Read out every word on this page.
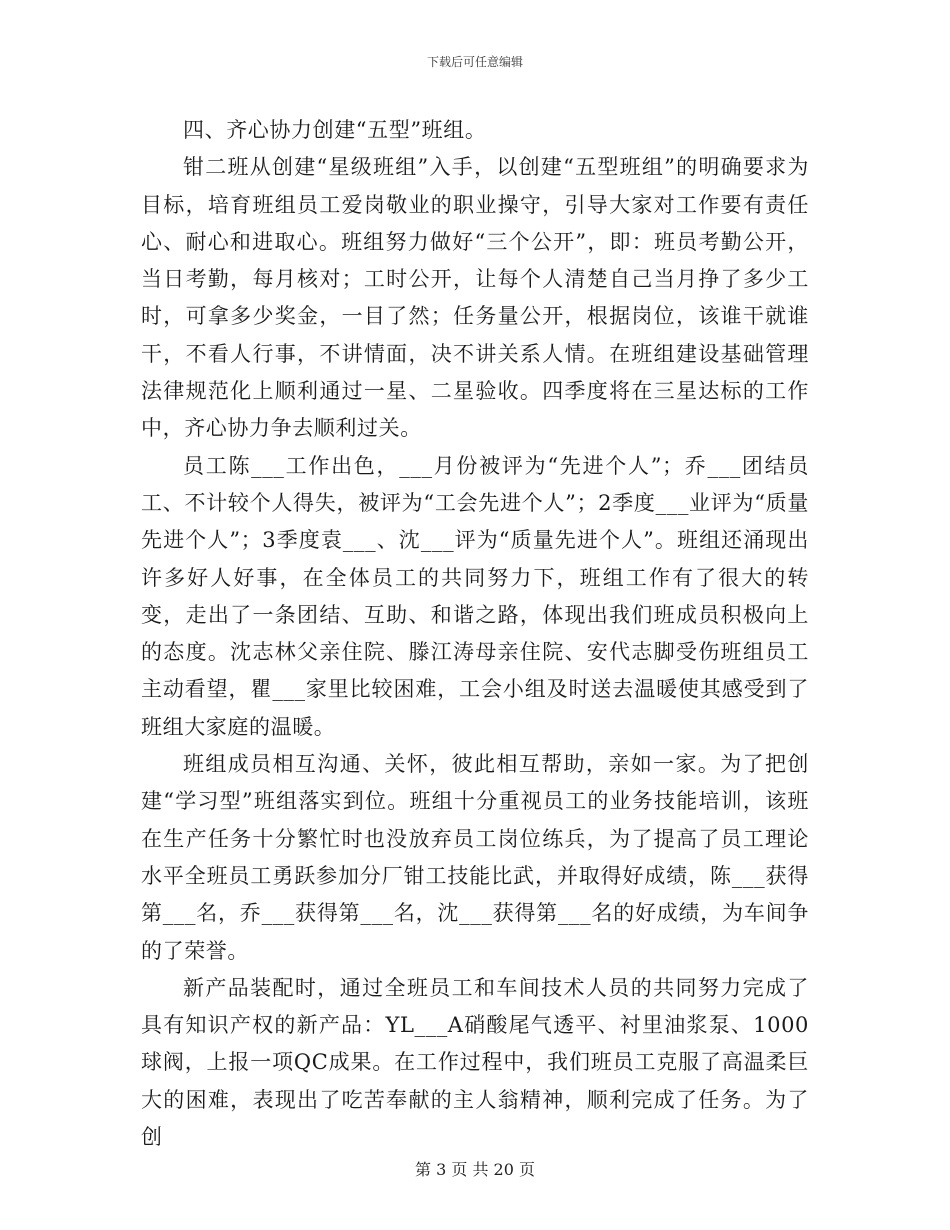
下载后可任意编辑

四、齐心协力创建“五型”班组。

钳二班从创建“星级班组”入手，以创建“五型班组”的明确要求为目标，培育班组员工爱岗敬业的职业操守，引导大家对工作要有责任心、耐心和进取心。班组努力做好“三个公开”，即：班员考勤公开，当日考勤，每月核对；工时公开，让每个人清楚自己当月挣了多少工时，可拿多少奖金，一目了然；任务量公开，根据岗位，该谁干就谁干，不看人行事，不讲情面，决不讲关系人情。在班组建设基础管理法律规范化上顺利通过一星、二星验收。四季度将在三星达标的工作中，齐心协力争去顺利过关。

员工陈___工作出色，___月份被评为“先进个人”；乔___团结员工、不计较个人得失，被评为“工会先进个人”；2季度___业评为“质量先进个人”；3季度袁___、沈___评为“质量先进个人”。班组还涌现出许多好人好事，在全体员工的共同努力下，班组工作有了很大的转变，走出了一条团结、互助、和谐之路，体现出我们班成员积极向上的态度。沈志林父亲住院、滕江涛母亲住院、安代志脚受伤班组员工主动看望，瞿___家里比较困难，工会小组及时送去温暖使其感受到了班组大家庭的温暖。

班组成员相互沟通、关怀，彼此相互帮助，亲如一家。为了把创建“学习型”班组落实到位。班组十分重视员工的业务技能培训，该班在生产任务十分繁忙时也没放弃员工岗位练兵，为了提高了员工理论水平全班员工勇跃参加分厂钳工技能比武，并取得好成绩，陈___获得第___名，乔___获得第___名，沈___获得第___名的好成绩，为车间争的了荣誉。

新产品装配时，通过全班员工和车间技术人员的共同努力完成了具有知识产权的新产品：YL___A硝酸尾气透平、衬里油浆泵、1000球阀，上报一项QC成果。在工作过程中，我们班员工克服了高温柔巨大的困难，表现出了吃苦奉献的主人翁精神，顺利完成了任务。为了创

第 3 页 共 20 页
